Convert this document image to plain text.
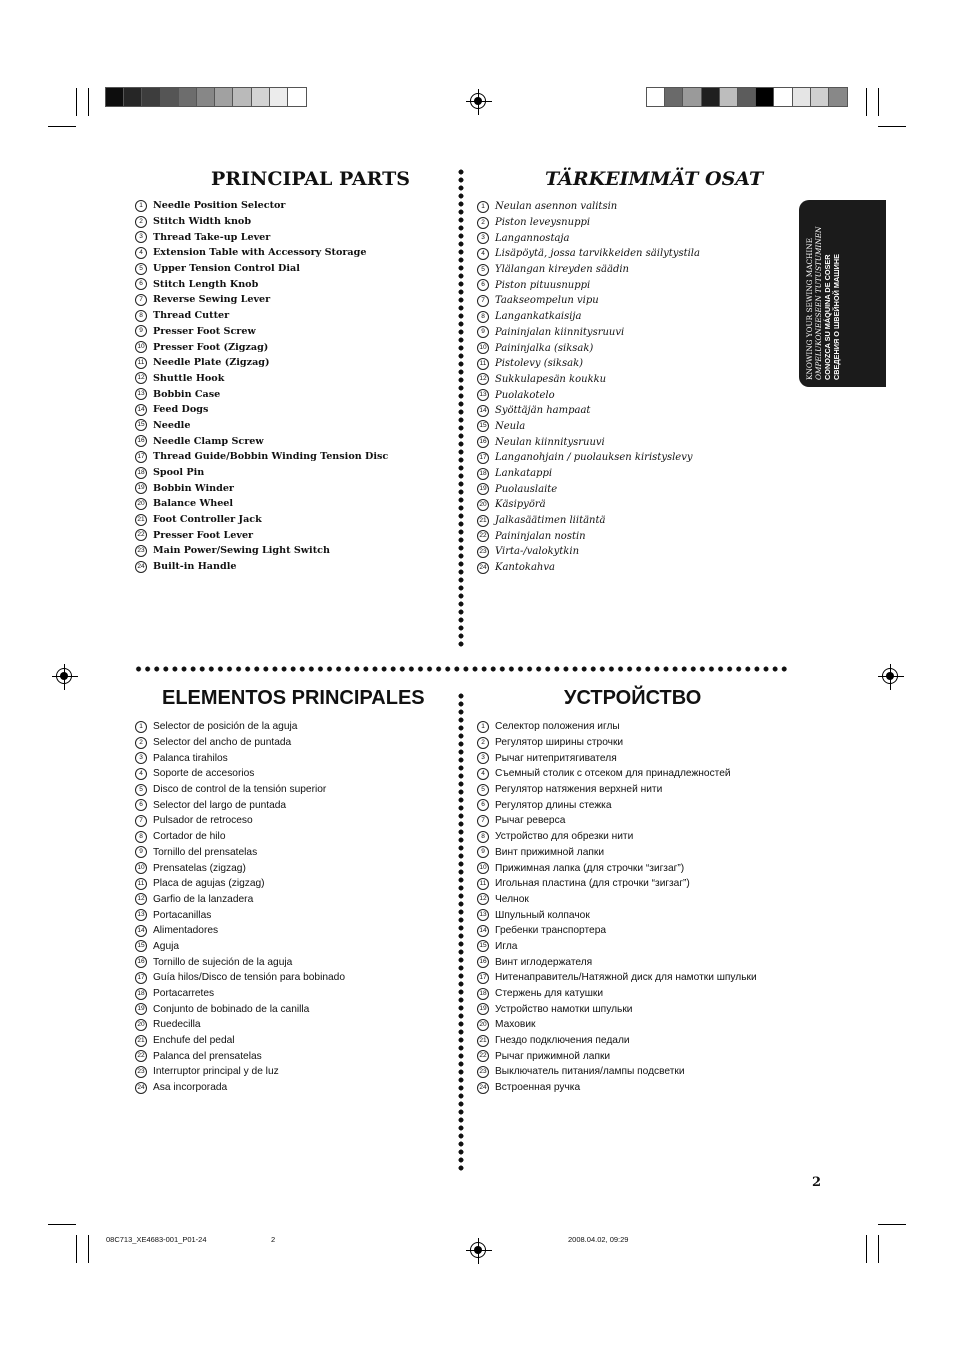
KNOWING YOUR SEWING MACHINE OMPELUKONEESEEN TUTUSTUMINEN CONOZCA SU MÁQUINA DE COSER СВЕДЕНИЯ О ШВЕЙНОЙ МАШИНЕ
PRINCIPAL PARTS	TÄRKEIMMÄT OSAT
ELEMENTOS PRINCIPALES	УСТРОЙСТВО
1	Needle Position Selector
2	Stitch Width knob
3	Thread Take-up Lever
4	Extension Table with Accessory Storage
5	Upper Tension Control Dial
6	Stitch Length Knob
7	Reverse Sewing Lever
8	Thread Cutter
9	Presser Foot Screw
10 Presser Foot (Zigzag)
11 Needle Plate (Zigzag)
12 Shuttle Hook
13 Bobbin Case
14 Feed Dogs
15 Needle
16 Needle Clamp Screw
17 Thread Guide/Bobbin Winding Tension Disc
18 Spool Pin
19 Bobbin Winder
20 Balance Wheel
21 Foot Controller Jack
22 Presser Foot Lever
23 Main Power/Sewing Light Switch
24 Built-in Handle
1	Neulan asennon valitsin
2	Piston leveysnuppi
3	Langannostaja
4	Lisäpöytä, jossa tarvikkeiden säilytystila
5	Ylälangan kireyden säädin
6	Piston pituusnuppi
7	Taakseompelun vipu
8	Langankatkaisija
9	Paininjalan kiinnitysruuvi
10 Paininjalka (siksak)
11 Pistolevy (siksak)
12 Sukkulapesän koukku
13 Puolakotelo
14 Syöttäjän hampaat
15 Neula
16 Neulan kiinnitysruuvi
17 Langanohjain / puolauksen kiristyslevy
18 Lankatappi
19 Puolauslaite
20 Käsipyörä
21 Jalkasäätimen liitäntä
22 Paininjalan nostin
23 Virta-/valokytkin
24 Kantokahva
1 Selector de posición de la aguja
2 Selector del ancho de puntada
3 Palanca tirahilos
4 Soporte de accesorios
5 Disco de control de la tensión superior
6 Selector del largo de puntada
7 Pulsador de retroceso
8 Cortador de hilo
9 Tornillo del prensatelas
10 Prensatelas (zigzag)
11 Placa de agujas (zigzag)
12 Garfio de la lanzadera
13 Portacanillas
14 Alimentadores
15 Aguja
16 Tornillo de sujeción de la aguja
17 Guía hilos/Disco de tensión para bobinado
18 Portacarretes
19 Conjunto de bobinado de la canilla
20 Ruedecilla
21 Enchufe del pedal
22 Palanca del prensatelas
23 Interruptor principal y de luz
24 Asa incorporada
1 Селектор положения иглы
2 Регулятор ширины строчки
3 Рычаг нитепритягивателя
4 Съемный столик с отсеком для принадлежностей
5 Регулятор натяжения верхней нити
6 Регулятор длины стежка
7 Рычаг реверса
8 Устройство для обрезки нити
9 Винт прижимной лапки
10 Прижимная лапка (для строчки “зигзаг”)
11 Игольная пластина (для строчки “зигзаг”)
12 Челнок
13 Шпульный колпачок
14 Гребенки транспортера
15 Игла
16 Винт иглодержателя
17 Нитенаправитель/Натяжной диск для намотки шпульки
18 Стержень для катушки
19 Устройство намотки шпульки
20 Маховик
21 Гнездо подключения педали
22 Рычаг прижимной лапки
23 Выключатель питания/лампы подсветки
24 Встроенная ручка
2
08C713_XE4683-001_P01-24	2	2008.04.02, 09:29
